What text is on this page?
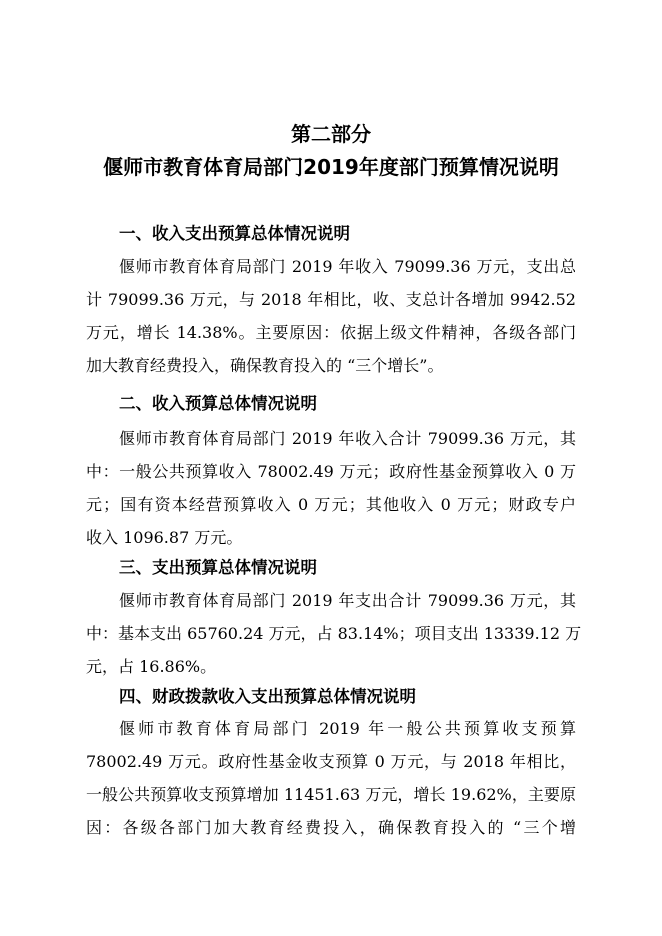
第二部分
偃师市教育体育局部门2019年度部门预算情况说明
一、收入支出预算总体情况说明
偃师市教育体育局部门 2019 年收入 79099.36 万元，支出总
计 79099.36 万元，与 2018 年相比，收、支总计各增加 9942.52
万元，增长 14.38%。主要原因：依据上级文件精神，各级各部门
加大教育经费投入，确保教育投入的 “三个增长”。
二、收入预算总体情况说明
偃师市教育体育局部门 2019 年收入合计 79099.36 万元，其
中：一般公共预算收入 78002.49 万元；政府性基金预算收入 0 万
元；国有资本经营预算收入 0 万元；其他收入 0 万元；财政专户
收入 1096.87 万元。
三、支出预算总体情况说明
偃师市教育体育局部门 2019 年支出合计 79099.36 万元，其
中：基本支出 65760.24 万元，占 83.14%；项目支出 13339.12 万
元，占 16.86%。
四、财政拨款收入支出预算总体情况说明
偃师市教育体育局部门 2019 年一般公共预算收支预算
78002.49 万元。政府性基金收支预算 0 万元，与 2018 年相比，
一般公共预算收支预算增加 11451.63 万元，增长 19.62%，主要原
因：各级各部门加大教育经费投入，确保教育投入的 “三个增
